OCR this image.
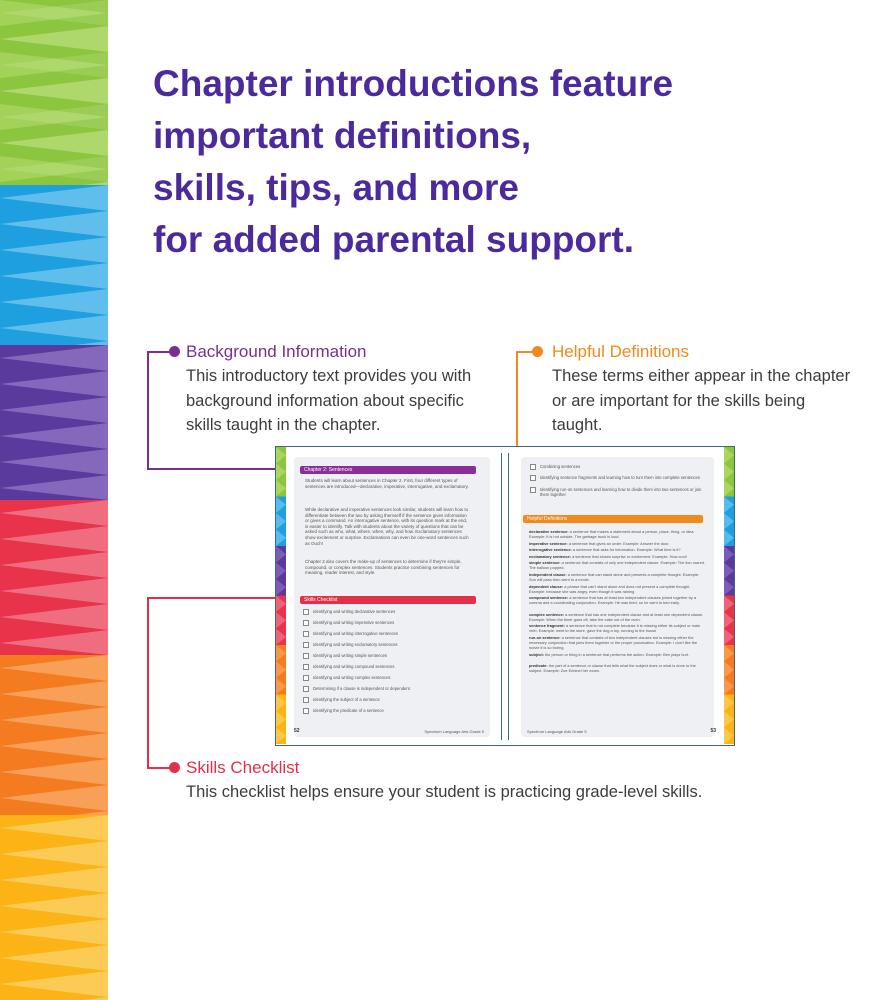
Chapter introductions feature
important definitions,
skills, tips, and more
for added parental support.
Background Information
This introductory text provides you with background information about specific skills taught in the chapter.
Helpful Definitions
These terms either appear in the chapter or are important for the skills being taught.
Skills Checklist
This checklist helps ensure your student is practicing grade-level skills.
Chapter 2: Sentences
Students will learn about sentences in Chapter 2. First, four different types of sentences are introduced—declarative, imperative, interrogative, and exclamatory.
While declarative and imperative sentences look similar, students will learn how to differentiate between the two by asking themself if the sentence gives information or gives a command. An interrogative sentence, with its question mark at the end, is easier to identify. Talk with students about the variety of questions that can be asked such as who, what, where, when, why, and how. Exclamatory sentences show excitement or surprise. Exclamations can even be one-word sentences such as Ouch!
Chapter 2 also covers the make-up of sentences to determine if they're simple, compound, or complex sentences. Students practice combining sentences for meaning, reader interest, and style.
Skills Checklist
Identifying and writing declarative sentences
Identifying and writing imperative sentences
Identifying and writing interrogative sentences
Identifying and writing exclamatory sentences
Identifying and writing simple sentences
Identifying and writing compound sentences
Identifying and writing complex sentences
Determining if a clause is independent or dependent
Identifying the subject of a sentence
Identifying the predicate of a sentence
52	Spectrum Language Arts Grade 5
Combining sentences
Identifying sentence fragments and learning how to turn them into complete sentences
Identifying run-on sentences and learning how to divide them into two sentences or join them together
Helpful Definitions
declarative sentence: a sentence that makes a statement about a person, place, thing, or idea. Example: It is hot outside. The garbage truck is loud.
imperative sentence: a sentence that gives an order. Example: Answer the door.
interrogative sentence: a sentence that asks for information. Example: What time is it?
exclamatory sentence: a sentence that shows surprise or excitement. Example: How cool!
simple sentence: a sentence that consists of only one independent clause. Example: The lion roared. The balloon popped.
independent clause: a sentence that can stand alone and presents a complete thought. Example: Sun will pass then went to a movie.
dependent clause: a phrase that can't stand alone and does not present a complete thought. Example: because she was angry, even though it was raining
compound sentence: a sentence that has at least two independent clauses joined together by a comma and a coordinating conjunction. Example: He was tired, so he went to bed early.
complex sentence: a sentence that has one independent clause and at least one dependent clause. Example: When the timer goes off, take the cake out of the oven.
sentence fragment: a sentence that is not complete because it is missing either its subject or main verb. Example: went to the store, gave the dog a toy, running to the house
run-on sentence: a sentence that consists of two independent clauses but is missing either the necessary conjunction that joins them together or the proper punctuation. Example: I don't like the movie it is so boring.
subject: the person or thing in a sentence that performs the action. Example: Ben plays hurt.
predicate: the part of a sentence or clause that tells what the subject does or what is done to the subject. Example: Zoe Enbinel her exam.
Spectrum Language Arts Grade 5	53
